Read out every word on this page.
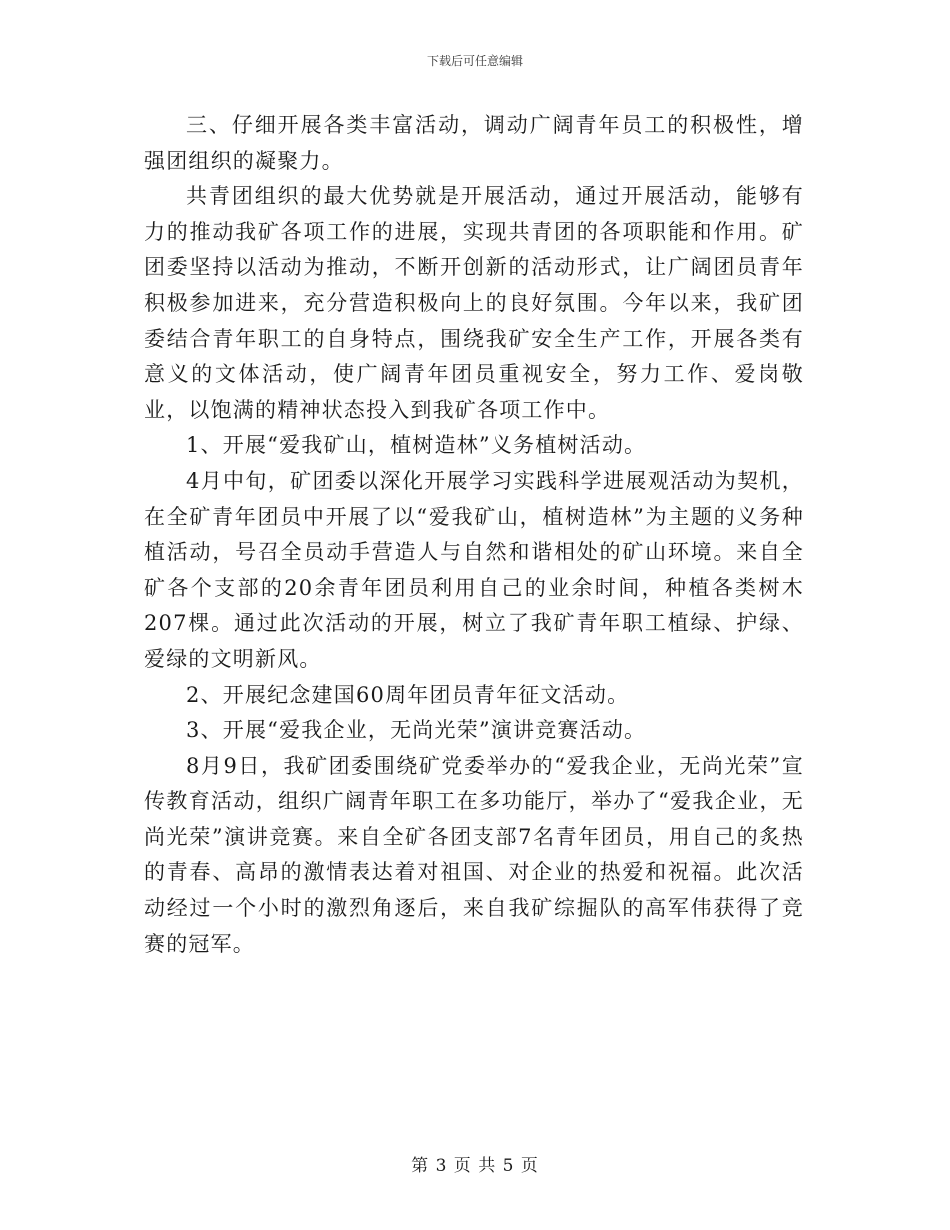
下载后可任意编辑

三、仔细开展各类丰富活动，调动广阔青年员工的积极性，增强团组织的凝聚力。

共青团组织的最大优势就是开展活动，通过开展活动，能够有力的推动我矿各项工作的进展，实现共青团的各项职能和作用。矿团委坚持以活动为推动，不断开创新的活动形式，让广阔团员青年积极参加进来，充分营造积极向上的良好氛围。今年以来，我矿团委结合青年职工的自身特点，围绕我矿安全生产工作，开展各类有意义的文体活动，使广阔青年团员重视安全，努力工作、爱岗敬业，以饱满的精神状态投入到我矿各项工作中。

1、开展“爱我矿山，植树造林”义务植树活动。

4月中旬，矿团委以深化开展学习实践科学进展观活动为契机，在全矿青年团员中开展了以“爱我矿山，植树造林”为主题的义务种植活动，号召全员动手营造人与自然和谐相处的矿山环境。来自全矿各个支部的20余青年团员利用自己的业余时间，种植各类树木207棵。通过此次活动的开展，树立了我矿青年职工植绿、护绿、爱绿的文明新风。

2、开展纪念建国60周年团员青年征文活动。

3、开展“爱我企业，无尚光荣”演讲竞赛活动。

8月9日，我矿团委围绕矿党委举办的“爱我企业，无尚光荣”宣传教育活动，组织广阔青年职工在多功能厅，举办了“爱我企业，无尚光荣”演讲竞赛。来自全矿各团支部7名青年团员，用自己的炙热的青春、高昂的激情表达着对祖国、对企业的热爱和祝福。此次活动经过一个小时的激烈角逐后，来自我矿综掘队的高军伟获得了竞赛的冠军。

第 3 页 共 5 页
